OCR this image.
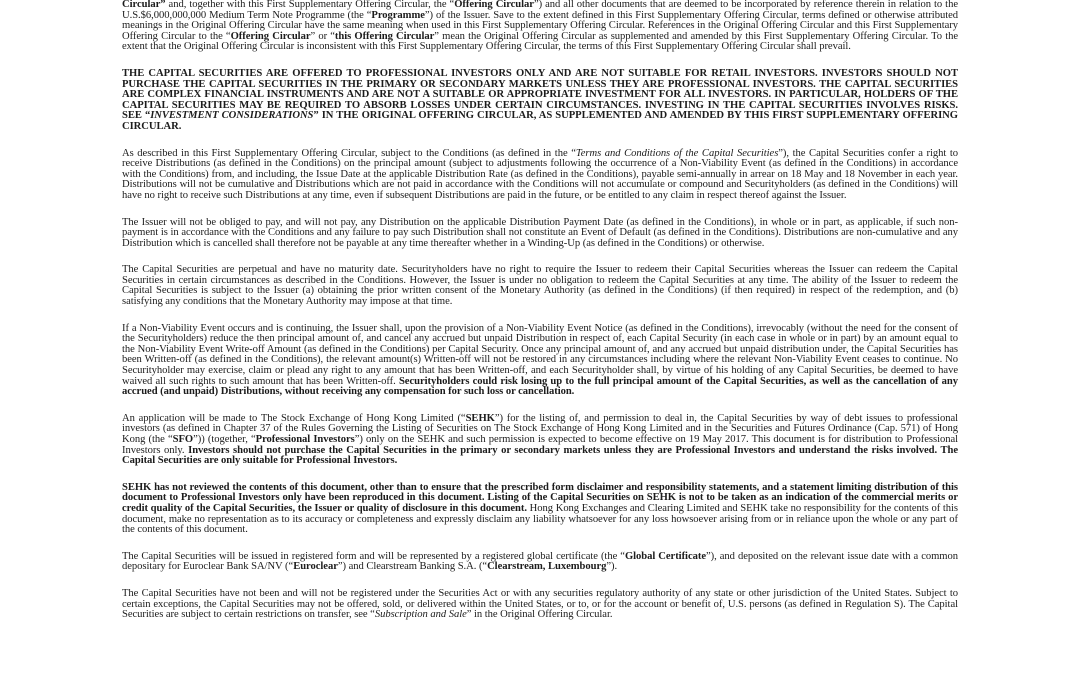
Circular” and, together with this First Supplementary Offering Circular, the “Offering Circular”) and all other documents that are deemed to be incorporated by reference therein in relation to the U.S.$6,000,000,000 Medium Term Note Programme (the “Programme”) of the Issuer. Save to the extent defined in this First Supplementary Offering Circular, terms defined or otherwise attributed meanings in the Original Offering Circular have the same meaning when used in this First Supplementary Offering Circular. References in the Original Offering Circular and this First Supplementary Offering Circular to the “Offering Circular” or “this Offering Circular” mean the Original Offering Circular as supplemented and amended by this First Supplementary Offering Circular. To the extent that the Original Offering Circular is inconsistent with this First Supplementary Offering Circular, the terms of this First Supplementary Offering Circular shall prevail.

THE CAPITAL SECURITIES ARE OFFERED TO PROFESSIONAL INVESTORS ONLY AND ARE NOT SUITABLE FOR RETAIL INVESTORS. INVESTORS SHOULD NOT PURCHASE THE CAPITAL SECURITIES IN THE PRIMARY OR SECONDARY MARKETS UNLESS THEY ARE PROFESSIONAL INVESTORS. THE CAPITAL SECURITIES ARE COMPLEX FINANCIAL INSTRUMENTS AND ARE NOT A SUITABLE OR APPROPRIATE INVESTMENT FOR ALL INVESTORS. IN PARTICULAR, HOLDERS OF THE CAPITAL SECURITIES MAY BE REQUIRED TO ABSORB LOSSES UNDER CERTAIN CIRCUMSTANCES. INVESTING IN THE CAPITAL SECURITIES INVOLVES RISKS. SEE “INVESTMENT CONSIDERATIONS” IN THE ORIGINAL OFFERING CIRCULAR, AS SUPPLEMENTED AND AMENDED BY THIS FIRST SUPPLEMENTARY OFFERING CIRCULAR.

As described in this First Supplementary Offering Circular, subject to the Conditions (as defined in the “Terms and Conditions of the Capital Securities”), the Capital Securities confer a right to receive Distributions (as defined in the Conditions) on the principal amount (subject to adjustments following the occurrence of a Non-Viability Event (as defined in the Conditions) in accordance with the Conditions) from, and including, the Issue Date at the applicable Distribution Rate (as defined in the Conditions), payable semi-annually in arrear on 18 May and 18 November in each year. Distributions will not be cumulative and Distributions which are not paid in accordance with the Conditions will not accumulate or compound and Securityholders (as defined in the Conditions) will have no right to receive such Distributions at any time, even if subsequent Distributions are paid in the future, or be entitled to any claim in respect thereof against the Issuer.

The Issuer will not be obliged to pay, and will not pay, any Distribution on the applicable Distribution Payment Date (as defined in the Conditions), in whole or in part, as applicable, if such non-payment is in accordance with the Conditions and any failure to pay such Distribution shall not constitute an Event of Default (as defined in the Conditions). Distributions are non-cumulative and any Distribution which is cancelled shall therefore not be payable at any time thereafter whether in a Winding-Up (as defined in the Conditions) or otherwise.

The Capital Securities are perpetual and have no maturity date. Securityholders have no right to require the Issuer to redeem their Capital Securities whereas the Issuer can redeem the Capital Securities in certain circumstances as described in the Conditions. However, the Issuer is under no obligation to redeem the Capital Securities at any time. The ability of the Issuer to redeem the Capital Securities is subject to the Issuer (a) obtaining the prior written consent of the Monetary Authority (as defined in the Conditions) (if then required) in respect of the redemption, and (b) satisfying any conditions that the Monetary Authority may impose at that time.

If a Non-Viability Event occurs and is continuing, the Issuer shall, upon the provision of a Non-Viability Event Notice (as defined in the Conditions), irrevocably (without the need for the consent of the Securityholders) reduce the then principal amount of, and cancel any accrued but unpaid Distribution in respect of, each Capital Security (in each case in whole or in part) by an amount equal to the Non-Viability Event Write-off Amount (as defined in the Conditions) per Capital Security. Once any principal amount of, and any accrued but unpaid distribution under, the Capital Securities has been Written-off (as defined in the Conditions), the relevant amount(s) Written-off will not be restored in any circumstances including where the relevant Non-Viability Event ceases to continue. No Securityholder may exercise, claim or plead any right to any amount that has been Written-off, and each Securityholder shall, by virtue of his holding of any Capital Securities, be deemed to have waived all such rights to such amount that has been Written-off. Securityholders could risk losing up to the full principal amount of the Capital Securities, as well as the cancellation of any accrued (and unpaid) Distributions, without receiving any compensation for such loss or cancellation.

An application will be made to The Stock Exchange of Hong Kong Limited (“SEHK”) for the listing of, and permission to deal in, the Capital Securities by way of debt issues to professional investors (as defined in Chapter 37 of the Rules Governing the Listing of Securities on The Stock Exchange of Hong Kong Limited and in the Securities and Futures Ordinance (Cap. 571) of Hong Kong (the “SFO”)) (together, “Professional Investors”) only on the SEHK and such permission is expected to become effective on 19 May 2017. This document is for distribution to Professional Investors only. Investors should not purchase the Capital Securities in the primary or secondary markets unless they are Professional Investors and understand the risks involved. The Capital Securities are only suitable for Professional Investors.

SEHK has not reviewed the contents of this document, other than to ensure that the prescribed form disclaimer and responsibility statements, and a statement limiting distribution of this document to Professional Investors only have been reproduced in this document. Listing of the Capital Securities on SEHK is not to be taken as an indication of the commercial merits or credit quality of the Capital Securities, the Issuer or quality of disclosure in this document. Hong Kong Exchanges and Clearing Limited and SEHK take no responsibility for the contents of this document, make no representation as to its accuracy or completeness and expressly disclaim any liability whatsoever for any loss howsoever arising from or in reliance upon the whole or any part of the contents of this document.

The Capital Securities will be issued in registered form and will be represented by a registered global certificate (the “Global Certificate”), and deposited on the relevant issue date with a common depositary for Euroclear Bank SA/NV (“Euroclear”) and Clearstream Banking S.A. (“Clearstream, Luxembourg”).

The Capital Securities have not been and will not be registered under the Securities Act or with any securities regulatory authority of any state or other jurisdiction of the United States. Subject to certain exceptions, the Capital Securities may not be offered, sold, or delivered within the United States, or to, or for the account or benefit of, U.S. persons (as defined in Regulation S). The Capital Securities are subject to certain restrictions on transfer, see “Subscription and Sale” in the Original Offering Circular.
